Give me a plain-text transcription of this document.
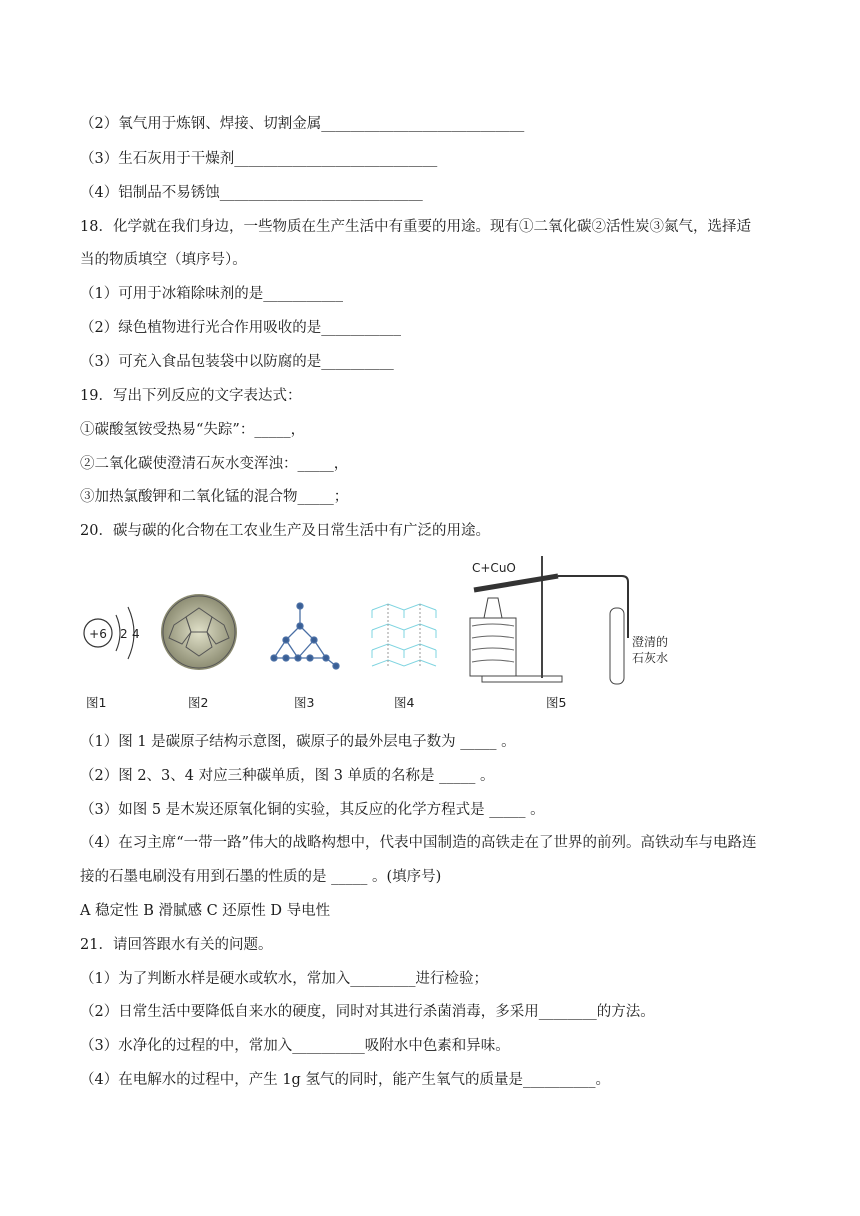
（2）氧气用于炼钢、焊接、切割金属____________________________
（3）生石灰用于干燥剂____________________________
（4）铝制品不易锈蚀____________________________
18．化学就在我们身边，一些物质在生产生活中有重要的用途。现有①二氧化碳②活性炭③氮气，选择适
当的物质填空（填序号）。
（1）可用于冰箱除味剂的是___________
（2）绿色植物进行光合作用吸收的是___________
（3）可充入食品包装袋中以防腐的是__________
19．写出下列反应的文字表达式：
①碳酸氢铵受热易“失踪”：_____，
②二氧化碳使澄清石灰水变浑浊：_____，
③加热氯酸钾和二氧化锰的混合物_____；
20．碳与碳的化合物在工农业生产及日常生活中有广泛的用途。
+6 2 4
图1	图2	图3	图4
C+CuO
澄清的
石灰水
图5
（1）图 1 是碳原子结构示意图，碳原子的最外层电子数为 _____ 。
（2）图 2、3、4 对应三种碳单质，图 3 单质的名称是 _____ 。
（3）如图 5 是木炭还原氧化铜的实验，其反应的化学方程式是 _____ 。
（4）在习主席“一带一路”伟大的战略构想中，代表中国制造的高铁走在了世界的前列。高铁动车与电路连
接的石墨电刷没有用到石墨的性质的是 _____ 。(填序号)
A 稳定性 B 滑腻感 C 还原性 D 导电性
21．请回答跟水有关的问题。
（1）为了判断水样是硬水或软水，常加入_________进行检验；
（2）日常生活中要降低自来水的硬度，同时对其进行杀菌消毒，多采用________的方法。
（3）水净化的过程的中，常加入__________吸附水中色素和异味。
（4）在电解水的过程中，产生 1g 氢气的同时，能产生氧气的质量是__________。
